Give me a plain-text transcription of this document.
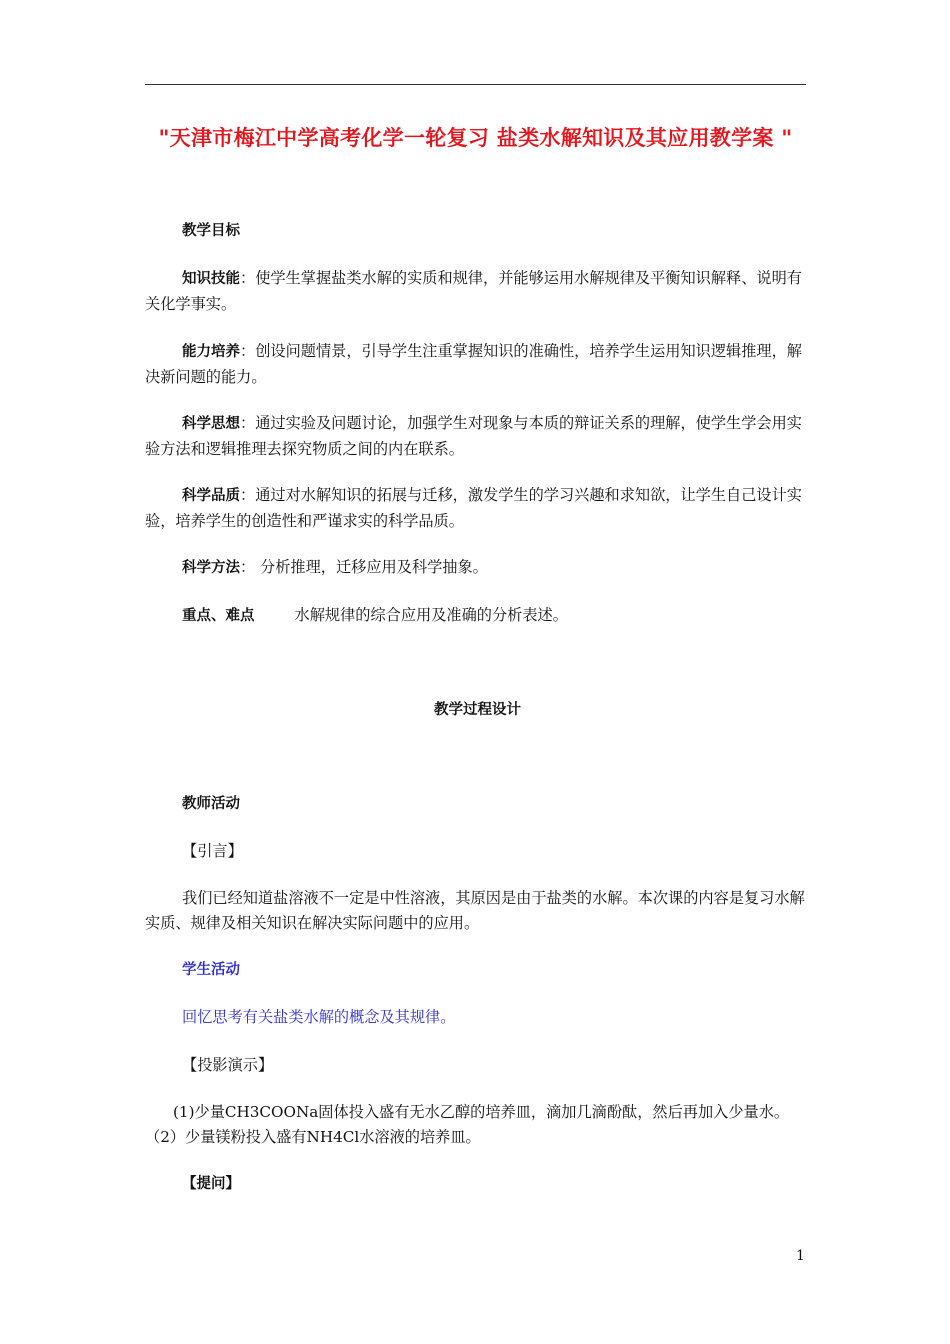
"天津市梅江中学高考化学一轮复习 盐类水解知识及其应用教学案 "
教学目标
知识技能：使学生掌握盐类水解的实质和规律，并能够运用水解规律及平衡知识解释、说明有关化学事实。
能力培养：创设问题情景，引导学生注重掌握知识的准确性，培养学生运用知识逻辑推理，解决新问题的能力。
科学思想：通过实验及问题讨论，加强学生对现象与本质的辩证关系的理解，使学生学会用实验方法和逻辑推理去探究物质之间的内在联系。
科学品质：通过对水解知识的拓展与迁移，激发学生的学习兴趣和求知欲，让学生自己设计实验，培养学生的创造性和严谨求实的科学品质。
科学方法： 分析推理，迁移应用及科学抽象。
重点、难点	水解规律的综合应用及准确的分析表述。
教学过程设计
教师活动
【引言】
我们已经知道盐溶液不一定是中性溶液，其原因是由于盐类的水解。本次课的内容是复习水解实质、规律及相关知识在解决实际问题中的应用。
学生活动
回忆思考有关盐类水解的概念及其规律。
【投影演示】
(1)少量CH3COONa固体投入盛有无水乙醇的培养皿，滴加几滴酚酞，然后再加入少量水。
（2）少量镁粉投入盛有NH4Cl水溶液的培养皿。
【提问】
1
